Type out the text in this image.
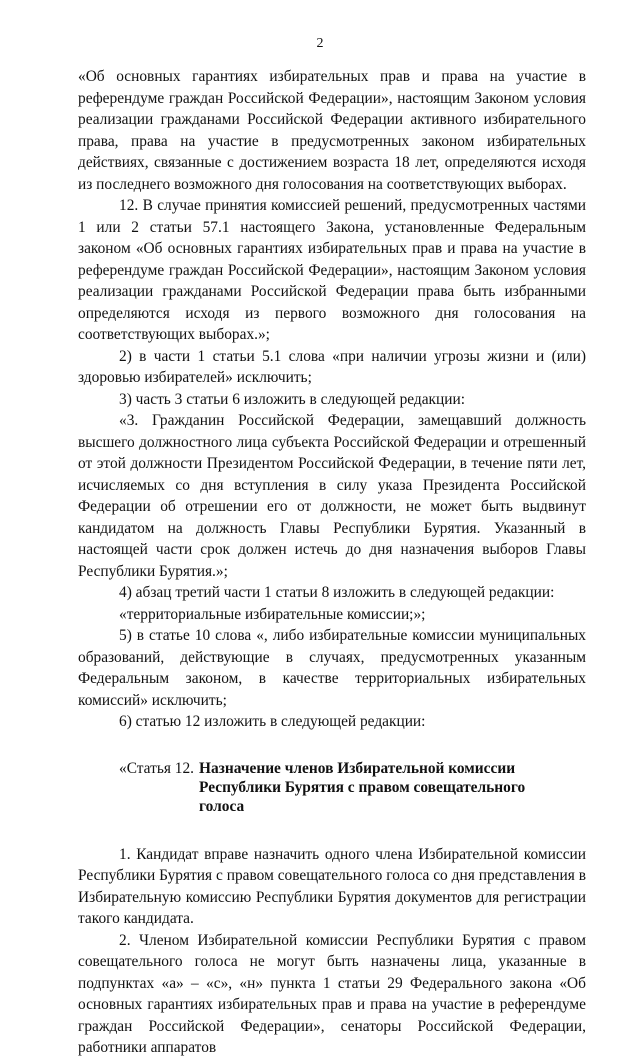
2

«Об основных гарантиях избирательных прав и права на участие в референдуме граждан Российской Федерации», настоящим Законом условия реализации гражданами Российской Федерации активного избирательного права, права на участие в предусмотренных законом избирательных действиях, связанные с достижением возраста 18 лет, определяются исходя из последнего возможного дня голосования на соответствующих выборах.

12. В случае принятия комиссией решений, предусмотренных частями 1 или 2 статьи 57.1 настоящего Закона, установленные Федеральным законом «Об основных гарантиях избирательных прав и права на участие в референдуме граждан Российской Федерации», настоящим Законом условия реализации гражданами Российской Федерации права быть избранными определяются исходя из первого возможного дня голосования на соответствующих выборах.»;

2) в части 1 статьи 5.1 слова «при наличии угрозы жизни и (или) здоровью избирателей» исключить;

3) часть 3 статьи 6 изложить в следующей редакции:

«3. Гражданин Российской Федерации, замещавший должность высшего должностного лица субъекта Российской Федерации и отрешенный от этой должности Президентом Российской Федерации, в течение пяти лет, исчисляемых со дня вступления в силу указа Президента Российской Федерации об отрешении его от должности, не может быть выдвинут кандидатом на должность Главы Республики Бурятия. Указанный в настоящей части срок должен истечь до дня назначения выборов Главы Республики Бурятия.»;

4) абзац третий части 1 статьи 8 изложить в следующей редакции:

«территориальные избирательные комиссии;»;

5) в статье 10 слова «, либо избирательные комиссии муниципальных образований, действующие в случаях, предусмотренных указанным Федеральным законом, в качестве территориальных избирательных комиссий» исключить;

6) статью 12 изложить в следующей редакции:

«Статья 12. Назначение членов Избирательной комиссии Республики Бурятия с правом совещательного голоса

1. Кандидат вправе назначить одного члена Избирательной комиссии Республики Бурятия с правом совещательного голоса со дня представления в Избирательную комиссию Республики Бурятия документов для регистрации такого кандидата.

2. Членом Избирательной комиссии Республики Бурятия с правом совещательного голоса не могут быть назначены лица, указанные в подпунктах «а» – «с», «н» пункта 1 статьи 29 Федерального закона «Об основных гарантиях избирательных прав и права на участие в референдуме граждан Российской Федерации», сенаторы Российской Федерации, работники аппаратов
